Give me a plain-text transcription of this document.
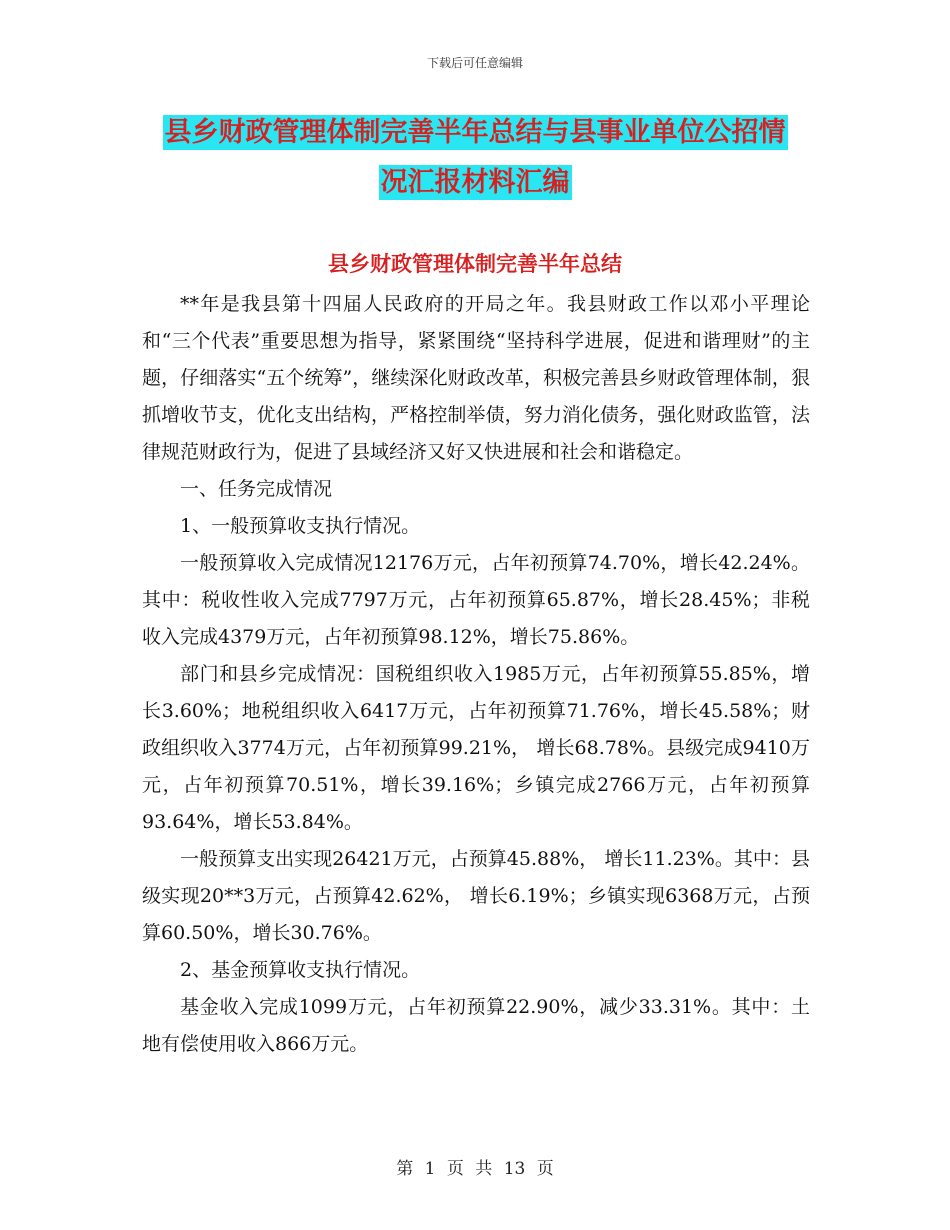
下载后可任意编辑
县乡财政管理体制完善半年总结与县事业单位公招情
况汇报材料汇编
县乡财政管理体制完善半年总结

**年是我县第十四届人民政府的开局之年。我县财政工作以邓小平理论和“三个代表”重要思想为指导，紧紧围绕“坚持科学进展，促进和谐理财”的主题，仔细落实“五个统筹”，继续深化财政改革，积极完善县乡财政管理体制，狠抓增收节支，优化支出结构，严格控制举债，努力消化债务，强化财政监管，法律规范财政行为，促进了县域经济又好又快进展和社会和谐稳定。

一、任务完成情况

1、一般预算收支执行情况。

一般预算收入完成情况12176万元，占年初预算74.70%，增长42.24%。其中：税收性收入完成7797万元，占年初预算65.87%，增长28.45%；非税收入完成4379万元，占年初预算98.12%，增长75.86%。

部门和县乡完成情况：国税组织收入1985万元，占年初预算55.85%，增长3.60%；地税组织收入6417万元，占年初预算71.76%，增长45.58%；财政组织收入3774万元，占年初预算99.21%， 增长68.78%。县级完成9410万元，占年初预算70.51%，增长39.16%；乡镇完成2766万元，占年初预算93.64%，增长53.84%。

一般预算支出实现26421万元，占预算45.88%， 增长11.23%。其中：县级实现20**3万元，占预算42.62%， 增长6.19%；乡镇实现6368万元，占预算60.50%，增长30.76%。

2、基金预算收支执行情况。

基金收入完成1099万元，占年初预算22.90%，减少33.31%。其中：土地有偿使用收入866万元。

第 1 页 共 13 页
